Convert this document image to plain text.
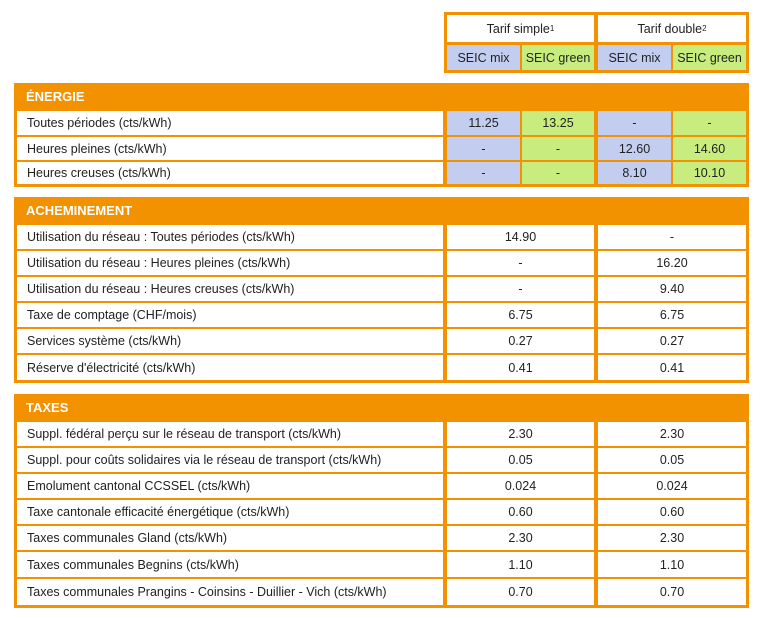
Tarif simple 1	Tarif double 2
SEIC mix	SEIC green	SEIC mix	SEIC green
ÉNERGIE
Toutes périodes (cts/kWh)	11.25	13.25	-	-
Heures pleines (cts/kWh)	-	-	12.60	14.60
Heures creuses (cts/kWh)	-	-	8.10	10.10
ACHEMINEMENT
Utilisation du réseau : Toutes périodes (cts/kWh)	14.90	-
Utilisation du réseau : Heures pleines (cts/kWh)	-	16.20
Utilisation du réseau : Heures creuses (cts/kWh)	-	9.40
Taxe de comptage (CHF/mois)	6.75	6.75
Services système (cts/kWh)	0.27	0.27
Réserve d'électricité (cts/kWh)	0.41	0.41
TAXES
Suppl. fédéral perçu sur le réseau de transport (cts/kWh)	2.30	2.30
Suppl. pour coûts solidaires via le réseau de transport (cts/kWh)	0.05	0.05
Emolument cantonal CCSSEL (cts/kWh)	0.024	0.024
Taxe cantonale efficacité énergétique (cts/kWh)	0.60	0.60
Taxes communales Gland (cts/kWh)	2.30	2.30
Taxes communales Begnins (cts/kWh)	1.10	1.10
Taxes communales Prangins - Coinsins - Duillier - Vich (cts/kWh)	0.70	0.70
